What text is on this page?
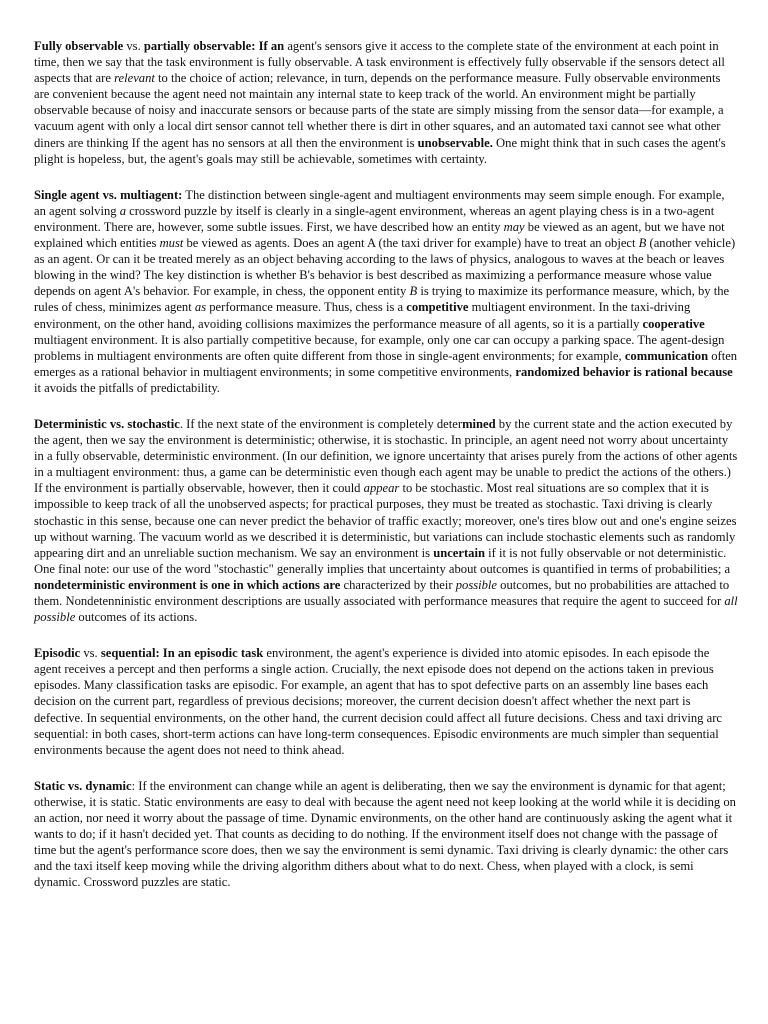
Fully observable vs. partially observable: If an agent's sensors give it access to the complete state of the environment at each point in time, then we say that the task environment is fully observable. A task environment is effectively fully observable if the sensors detect all aspects that are relevant to the choice of action; relevance, in turn, depends on the performance measure. Fully observable environments are convenient because the agent need not maintain any internal state to keep track of the world. An environment might be partially observable because of noisy and inaccurate sensors or because parts of the state are simply missing from the sensor data—for example, a vacuum agent with only a local dirt sensor cannot tell whether there is dirt in other squares, and an automated taxi cannot see what other diners are thinking If the agent has no sensors at all then the environment is unobservable. One might think that in such cases the agent's plight is hopeless, but, the agent's goals may still be achievable, sometimes with certainty.

Single agent vs. multiagent: The distinction between single-agent and multiagent environments may seem simple enough. For example, an agent solving a crossword puzzle by itself is clearly in a single-agent environment, whereas an agent playing chess is in a two-agent environment. There are, however, some subtle issues. First, we have described how an entity may be viewed as an agent, but we have not explained which entities must be viewed as agents. Does an agent A (the taxi driver for example) have to treat an object B (another vehicle) as an agent. Or can it be treated merely as an object behaving according to the laws of physics, analogous to waves at the beach or leaves blowing in the wind? The key distinction is whether B's behavior is best described as maximizing a performance measure whose value depends on agent A's behavior. For example, in chess, the opponent entity B is trying to maximize its performance measure, which, by the rules of chess, minimizes agent as performance measure. Thus, chess is a competitive multiagent environment. In the taxi-driving environment, on the other hand, avoiding collisions maximizes the performance measure of all agents, so it is a partially cooperative multiagent environment. It is also partially competitive because, for example, only one car can occupy a parking space. The agent-design problems in multiagent environments are often quite different from those in single-agent environments; for example, communication often emerges as a rational behavior in multiagent environments; in some competitive environments, randomized behavior is rational because it avoids the pitfalls of predictability.

Deterministic vs. stochastic. If the next state of the environment is completely determined by the current state and the action executed by the agent, then we say the environment is deterministic; otherwise, it is stochastic. In principle, an agent need not worry about uncertainty in a fully observable, deterministic environment. (In our definition, we ignore uncertainty that arises purely from the actions of other agents in a multiagent environment: thus, a game can be deterministic even though each agent may be unable to predict the actions of the others.) If the environment is partially observable, however, then it could appear to be stochastic. Most real situations are so complex that it is impossible to keep track of all the unobserved aspects; for practical purposes, they must be treated as stochastic. Taxi driving is clearly stochastic in this sense, because one can never predict the behavior of traffic exactly; moreover, one's tires blow out and one's engine seizes up without warning. The vacuum world as we described it is deterministic, but variations can include stochastic elements such as randomly appearing dirt and an unreliable suction mechanism. We say an environment is uncertain if it is not fully observable or not deterministic. One final note: our use of the word "stochastic" generally implies that uncertainty about outcomes is quantified in terms of probabilities; a nondeterministic environment is one in which actions are characterized by their possible outcomes, but no probabilities are attached to them. Nondetenninistic environment descriptions are usually associated with performance measures that require the agent to succeed for all possible outcomes of its actions.

Episodic vs. sequential: In an episodic task environment, the agent's experience is divided into atomic episodes. In each episode the agent receives a percept and then performs a single action. Crucially, the next episode does not depend on the actions taken in previous episodes. Many classification tasks are episodic. For example, an agent that has to spot defective parts on an assembly line bases each decision on the current part, regardless of previous decisions; moreover, the current decision doesn't affect whether the next part is defective. In sequential environments, on the other hand, the current decision could affect all future decisions. Chess and taxi driving arc sequential: in both cases, short-term actions can have long-term consequences. Episodic environments are much simpler than sequential environments because the agent does not need to think ahead.

Static vs. dynamic: If the environment can change while an agent is deliberating, then we say the environment is dynamic for that agent; otherwise, it is static. Static environments are easy to deal with because the agent need not keep looking at the world while it is deciding on an action, nor need it worry about the passage of time. Dynamic environments, on the other hand are continuously asking the agent what it wants to do; if it hasn't decided yet. That counts as deciding to do nothing. If the environment itself does not change with the passage of time but the agent's performance score does, then we say the environment is semi dynamic. Taxi driving is clearly dynamic: the other cars and the taxi itself keep moving while the driving algorithm dithers about what to do next. Chess, when played with a clock, is semi dynamic. Crossword puzzles are static.
